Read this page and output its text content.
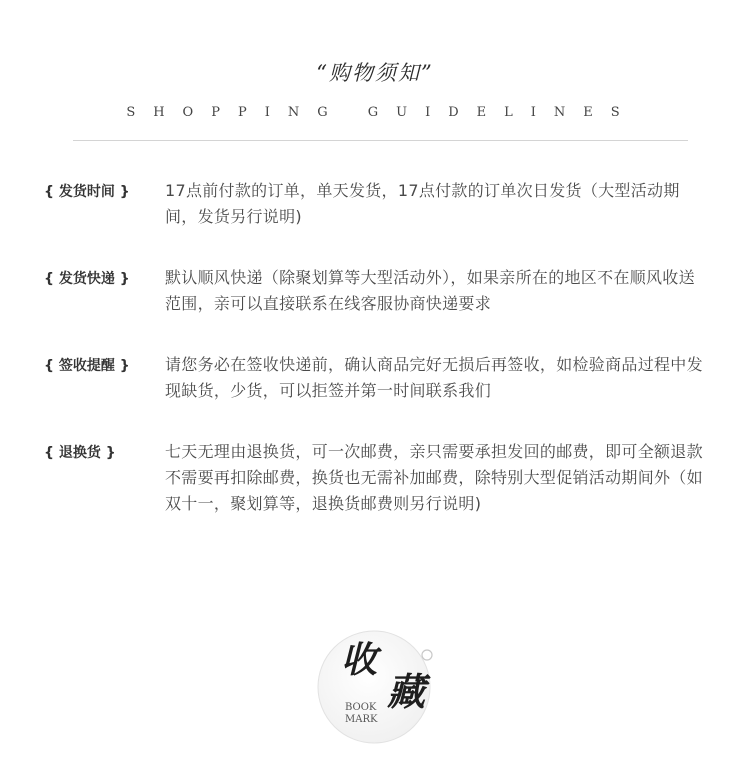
“购物须知”
SHOPPING GUIDELINES
{ 发货时间 }	17点前付款的订单，单天发货，17点付款的订单次日发货（大型活动期间，发货另行说明)
{ 发货快递 }	默认顺风快递（除聚划算等大型活动外），如果亲所在的地区不在顺风收送范围，亲可以直接联系在线客服协商快递要求
{ 签收提醒 }	请您务必在签收快递前，确认商品完好无损后再签收，如检验商品过程中发现缺货，少货，可以拒签并第一时间联系我们
{ 退换货 }	七天无理由退换货，可一次邮费，亲只需要承担发回的邮费，即可全额退款不需要再扣除邮费，换货也无需补加邮费，除特别大型促销活动期间外（如双十一，聚划算等，退换货邮费则另行说明)
收
藏
BOOK
MARK
